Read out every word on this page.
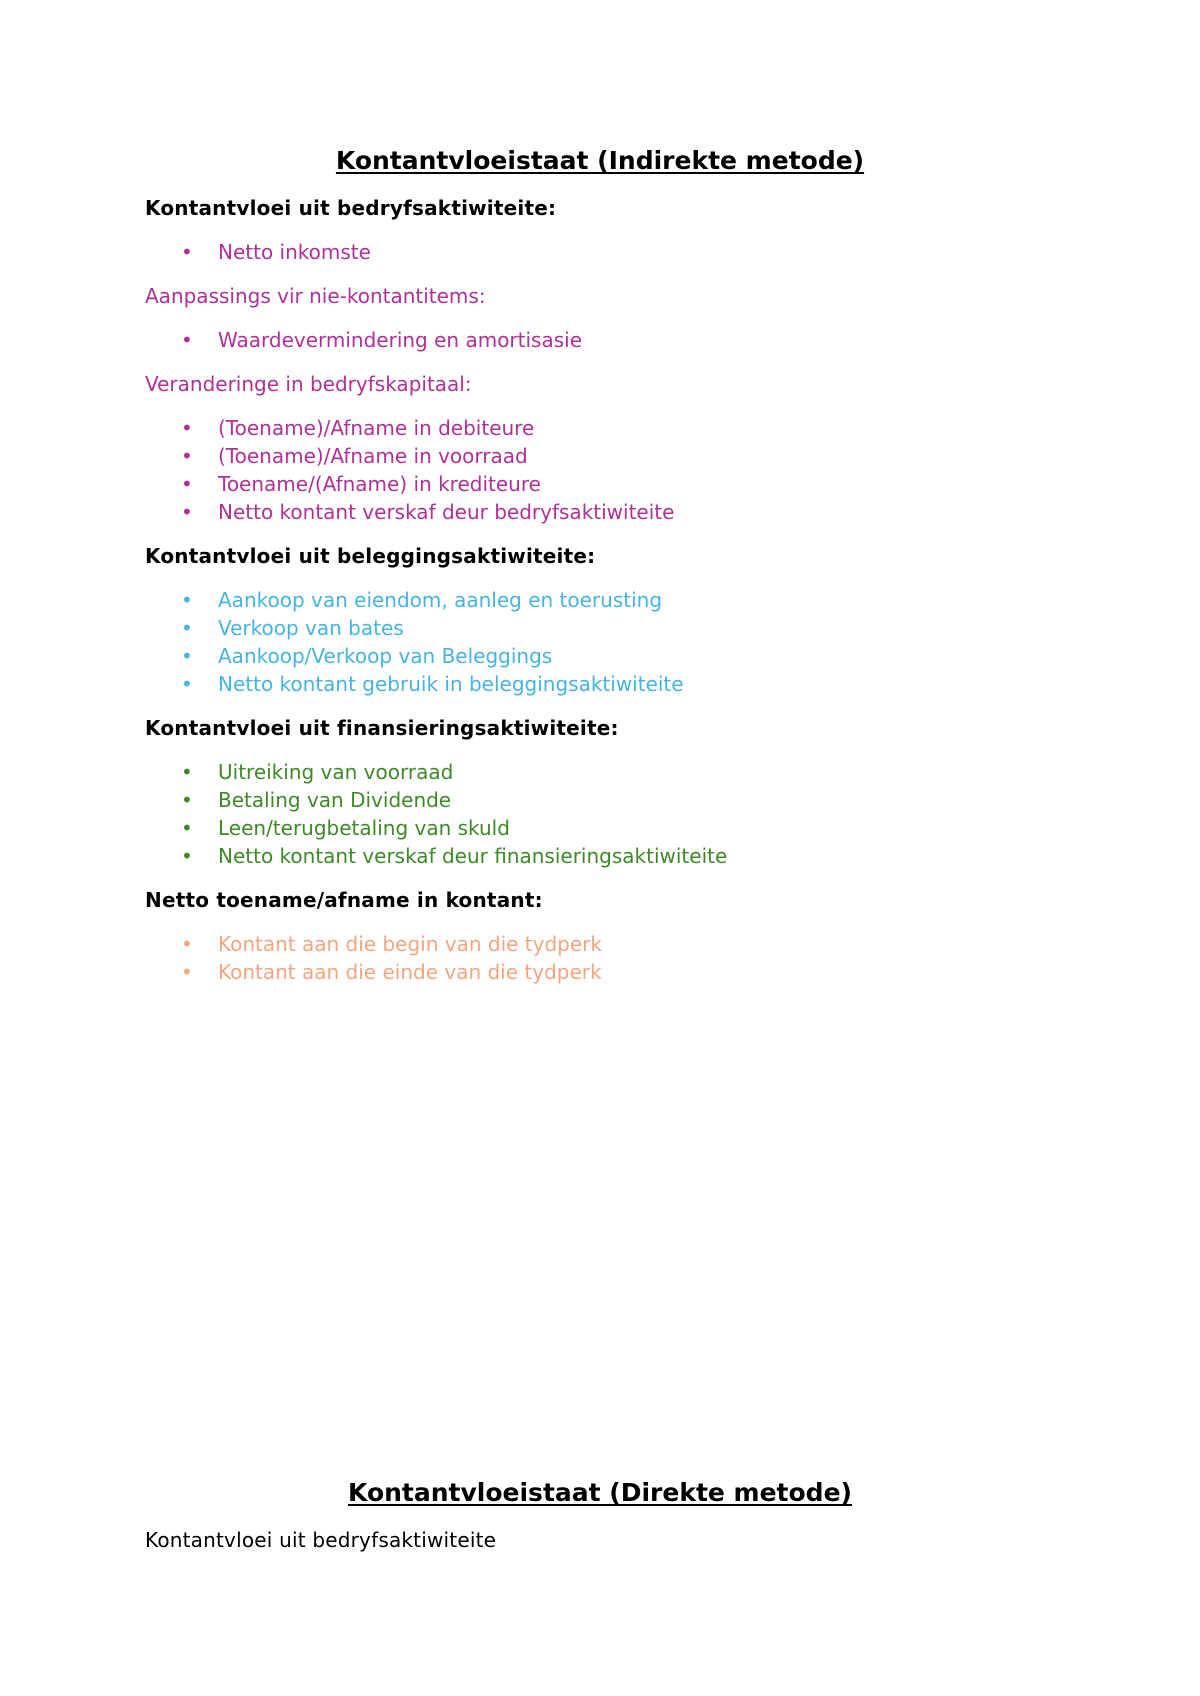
Kontantvloeistaat (Indirekte metode)

Kontantvloei uit bedryfsaktiwiteite:

• Netto inkomste

Aanpassings vir nie-kontantitems:

• Waardevermindering en amortisasie

Veranderinge in bedryfskapitaal:

• (Toename)/Afname in debiteure
• (Toename)/Afname in voorraad
• Toename/(Afname) in krediteure
• Netto kontant verskaf deur bedryfsaktiwiteite

Kontantvloei uit beleggingsaktiwiteite:

• Aankoop van eiendom, aanleg en toerusting
• Verkoop van bates
• Aankoop/Verkoop van Beleggings
• Netto kontant gebruik in beleggingsaktiwiteite

Kontantvloei uit finansieringsaktiwiteite:

• Uitreiking van voorraad
• Betaling van Dividende
• Leen/terugbetaling van skuld
• Netto kontant verskaf deur finansieringsaktiwiteite

Netto toename/afname in kontant:

• Kontant aan die begin van die tydperk
• Kontant aan die einde van die tydperk
Kontantvloeistaat (Direkte metode)

Kontantvloei uit bedryfsaktiwiteite
